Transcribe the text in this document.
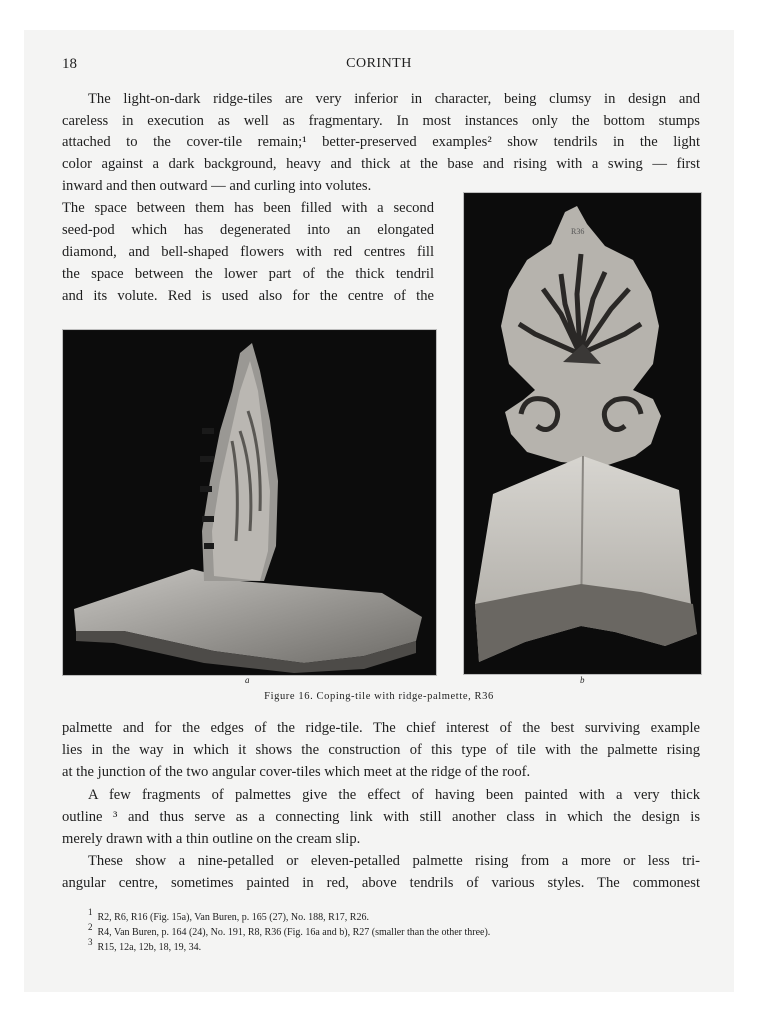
18	CORINTH
The light-on-dark ridge-tiles are very inferior in character, being clumsy in design and
careless in execution as well as fragmentary. In most instances only the bottom stumps
attached to the cover-tile remain;¹ better-preserved examples² show tendrils in the light
color against a dark background, heavy and thick at the base and rising with a swing — first
inward and then outward — and curling into volutes.
The space between them has been filled with a second
seed-pod which has degenerated into an elongated
diamond, and bell-shaped flowers with red centres fill
the space between the lower part of the thick tendril
and its volute. Red is used also for the centre of the
R36
a	b
Figure 16. Coping-tile with ridge-palmette, R36
palmette and for the edges of the ridge-tile. The chief interest of the best surviving example
lies in the way in which it shows the construction of this type of tile with the palmette rising
at the junction of the two angular cover-tiles which meet at the ridge of the roof.
A few fragments of palmettes give the effect of having been painted with a very thick
outline ³ and thus serve as a connecting link with still another class in which the design is
merely drawn with a thin outline on the cream slip.
These show a nine-petalled or eleven-petalled palmette rising from a more or less tri-
angular centre, sometimes painted in red, above tendrils of various styles. The commonest
1 R2, R6, R16 (Fig. 15a), Van Buren, p. 165 (27), No. 188, R17, R26.
2 R4, Van Buren, p. 164 (24), No. 191, R8, R36 (Fig. 16a and b), R27 (smaller than the other three).
3 R15, 12a, 12b, 18, 19, 34.
